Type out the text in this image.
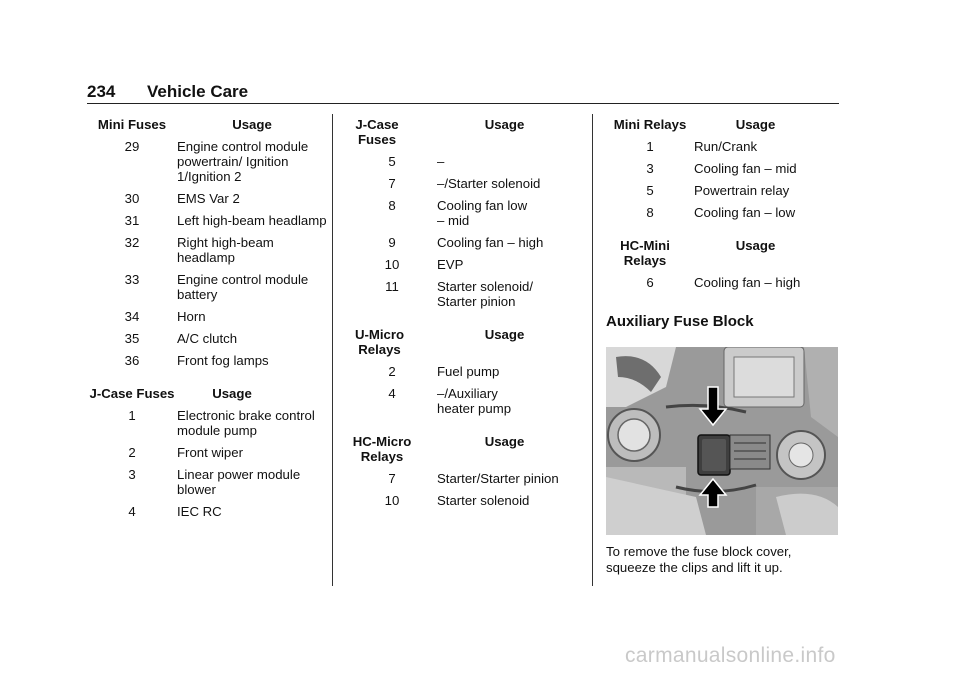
234 Vehicle Care
Mini Fuses	Usage
29	Engine control module powertrain/ Ignition 1/Ignition 2
30	EMS Var 2
31	Left high-beam headlamp
32	Right high-beam headlamp
33	Engine control module battery
34	Horn
35	A/C clutch
36	Front fog lamps
J-Case Fuses	Usage
1	Electronic brake control module pump
2	Front wiper
3	Linear power module blower
4	IEC RC
J-Case Fuses	Usage
5	–
7	–/Starter solenoid
8	Cooling fan low – mid
9	Cooling fan – high
10	EVP
11	Starter solenoid/ Starter pinion
U-Micro Relays	Usage
2	Fuel pump
4	–/Auxiliary heater pump
HC-Micro Relays	Usage
7	Starter/Starter pinion
10	Starter solenoid
Mini Relays	Usage
1	Run/Crank
3	Cooling fan – mid
5	Powertrain relay
8	Cooling fan – low
HC-Mini Relays	Usage
6	Cooling fan – high
Auxiliary Fuse Block
To remove the fuse block cover, squeeze the clips and lift it up.
carmanualsonline.info
